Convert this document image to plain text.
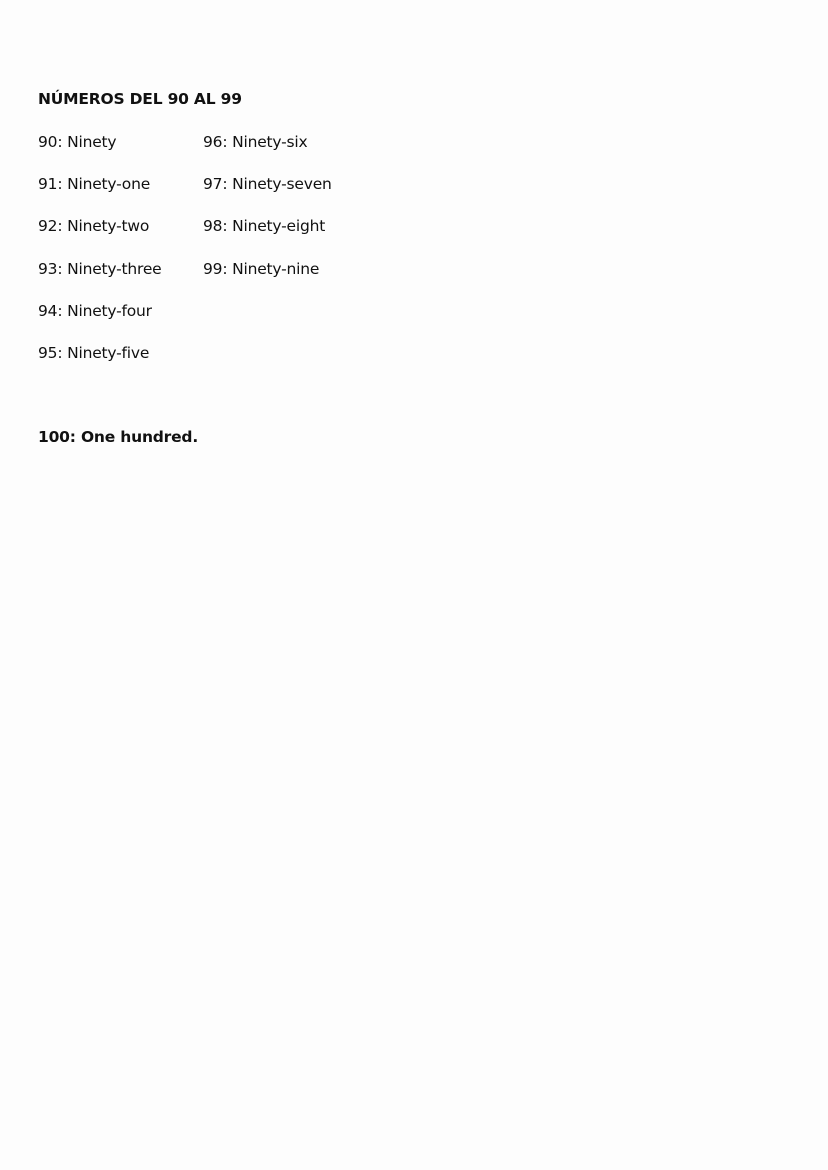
NÚMEROS DEL 90 AL 99
90: Ninety
91: Ninety-one
92: Ninety-two
93: Ninety-three
94: Ninety-four
95: Ninety-five
96: Ninety-six
97: Ninety-seven
98: Ninety-eight
99: Ninety-nine
100: One hundred.
